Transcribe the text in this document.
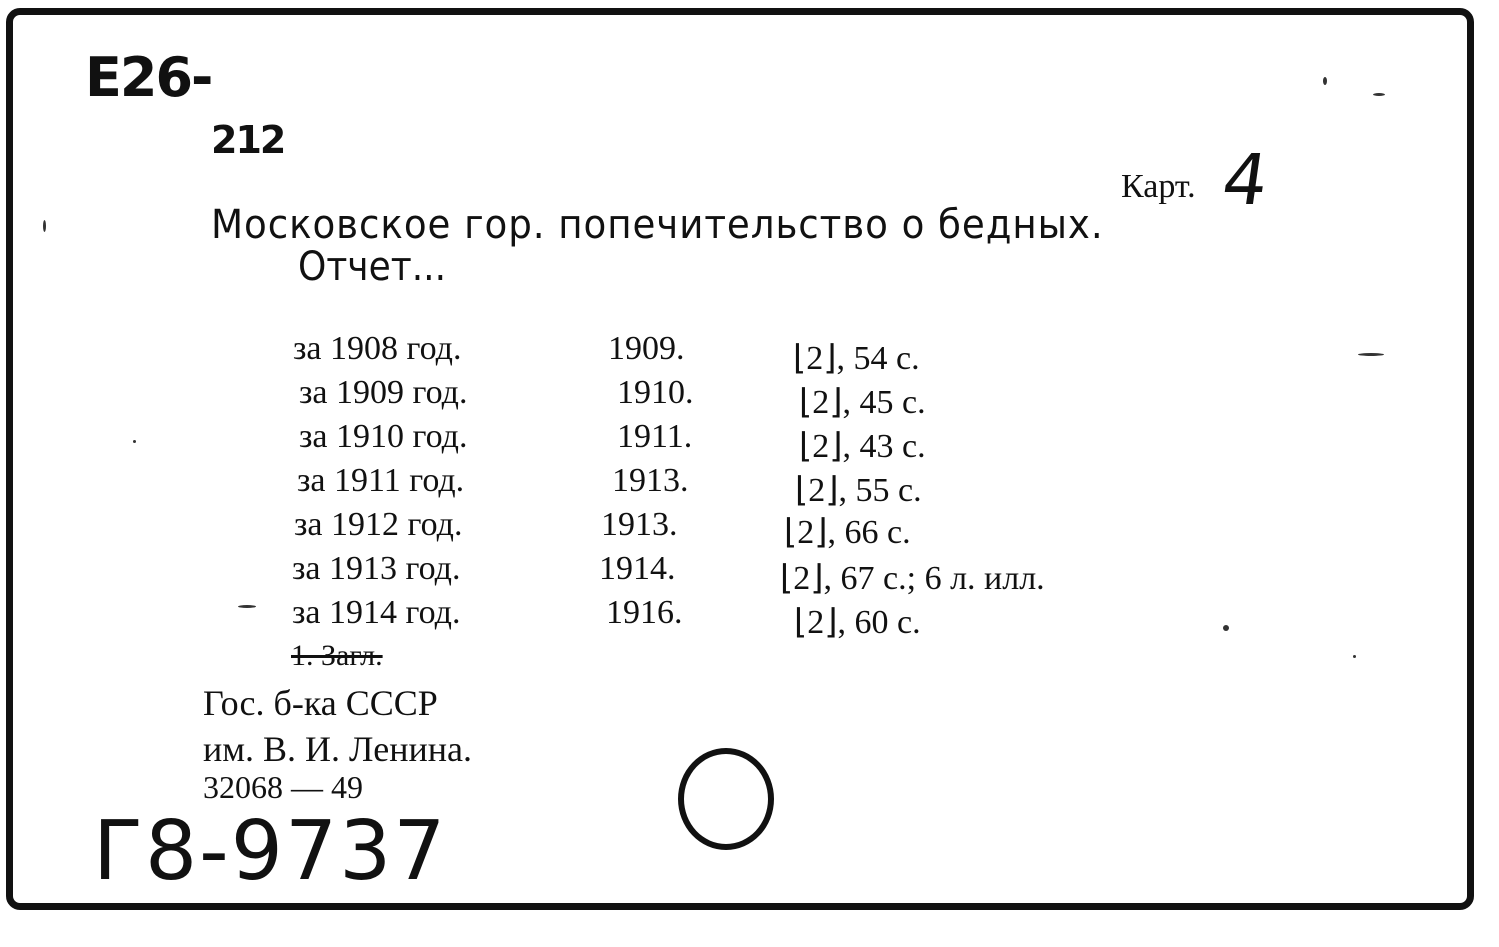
E26-
212
Карт. 4
Московское гор. попечительство о бедных.
Отчет...
за 1908 год.	1909.	⌊2⌋, 54 с.
за 1909 год.	1910.	⌊2⌋, 45 с.
за 1910 год.	1911.	⌊2⌋, 43 с.
за 1911 год.	1913.	⌊2⌋, 55 с.
за 1912 год.	1913.	⌊2⌋, 66 с.
за 1913 год.	1914.	⌊2⌋, 67 с.; 6 л. илл.
за 1914 год.	1916.	⌊2⌋, 60 с.
1. Загл.
Гос. б-ка СССР
им. В. И. Ленина.
32068 — 49
Г8-9737
